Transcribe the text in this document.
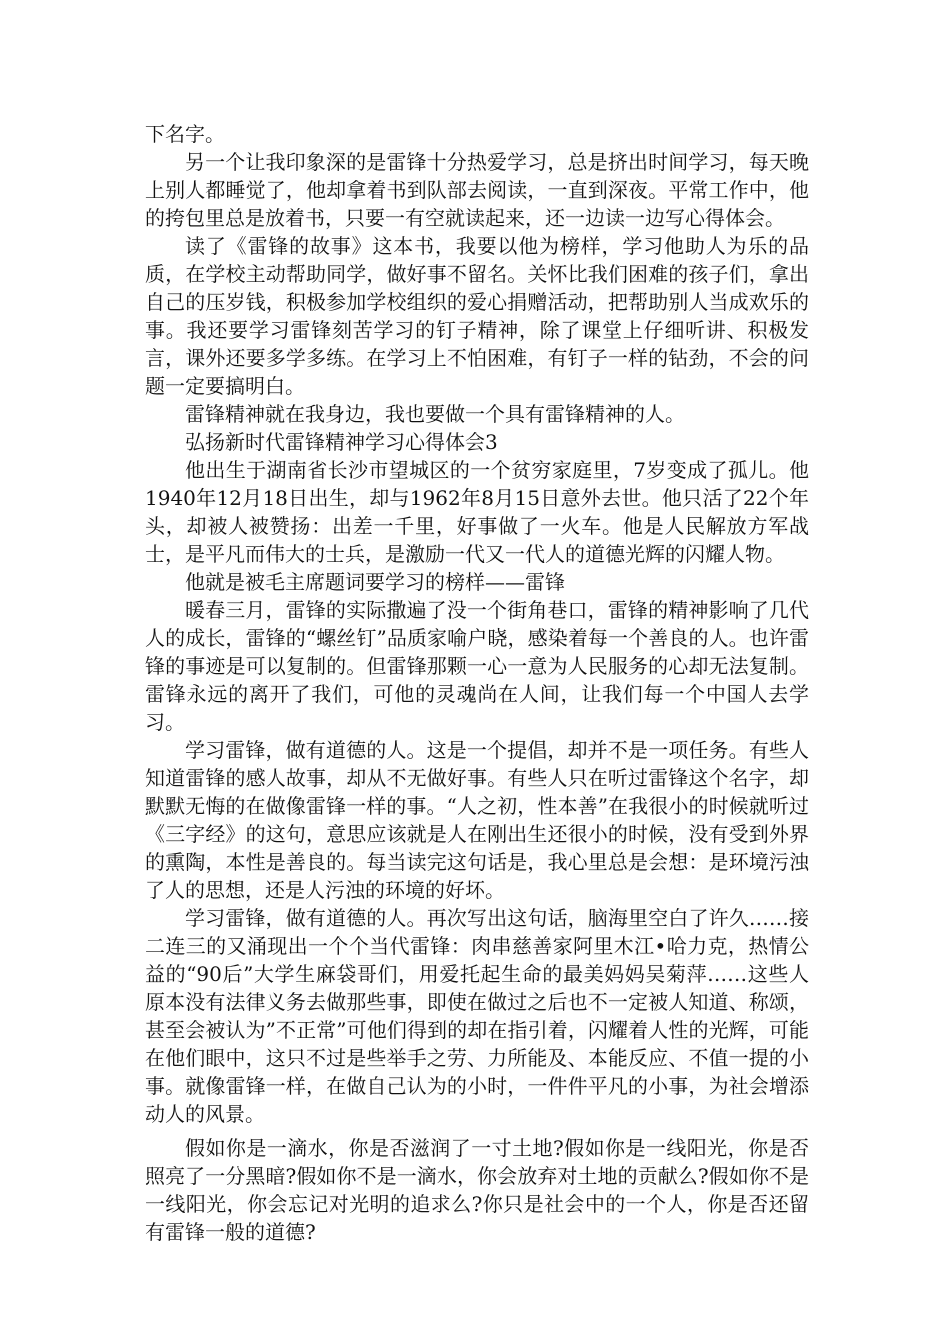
下名字。

另一个让我印象深的是雷锋十分热爱学习，总是挤出时间学习，每天晚上别人都睡觉了，他却拿着书到队部去阅读，一直到深夜。平常工作中，他的挎包里总是放着书，只要一有空就读起来，还一边读一边写心得体会。

读了《雷锋的故事》这本书，我要以他为榜样，学习他助人为乐的品质，在学校主动帮助同学，做好事不留名。关怀比我们困难的孩子们，拿出自己的压岁钱，积极参加学校组织的爱心捐赠活动，把帮助别人当成欢乐的事。我还要学习雷锋刻苦学习的钉子精神，除了课堂上仔细听讲、积极发言，课外还要多学多练。在学习上不怕困难，有钉子一样的钻劲，不会的问题一定要搞明白。

雷锋精神就在我身边，我也要做一个具有雷锋精神的人。

弘扬新时代雷锋精神学习心得体会3

他出生于湖南省长沙市望城区的一个贫穷家庭里，7岁变成了孤儿。他1940年12月18日出生，却与1962年8月15日意外去世。他只活了22个年头，却被人被赞扬：出差一千里，好事做了一火车。他是人民解放方军战士，是平凡而伟大的士兵，是激励一代又一代人的道德光辉的闪耀人物。

他就是被毛主席题词要学习的榜样——雷锋

暖春三月，雷锋的实际撒遍了没一个街角巷口，雷锋的精神影响了几代人的成长，雷锋的“螺丝钉”品质家喻户晓，感染着每一个善良的人。也许雷锋的事迹是可以复制的。但雷锋那颗一心一意为人民服务的心却无法复制。雷锋永远的离开了我们，可他的灵魂尚在人间，让我们每一个中国人去学习。

学习雷锋，做有道德的人。这是一个提倡，却并不是一项任务。有些人知道雷锋的感人故事，却从不无做好事。有些人只在听过雷锋这个名字，却默默无悔的在做像雷锋一样的事。“人之初，性本善”在我很小的时候就听过《三字经》的这句，意思应该就是人在刚出生还很小的时候，没有受到外界的熏陶，本性是善良的。每当读完这句话是，我心里总是会想：是环境污浊了人的思想，还是人污浊的环境的好坏。

学习雷锋，做有道德的人。再次写出这句话，脑海里空白了许久……接二连三的又涌现出一个个当代雷锋：肉串慈善家阿里木江•哈力克，热情公益的“90后”大学生麻袋哥们，用爱托起生命的最美妈妈吴菊萍……这些人原本没有法律义务去做那些事，即使在做过之后也不一定被人知道、称颂，甚至会被认为”不正常”可他们得到的却在指引着，闪耀着人性的光辉，可能在他们眼中，这只不过是些举手之劳、力所能及、本能反应、不值一提的小事。就像雷锋一样，在做自己认为的小时，一件件平凡的小事，为社会增添动人的风景。

假如你是一滴水，你是否滋润了一寸土地?假如你是一线阳光，你是否照亮了一分黑暗?假如你不是一滴水，你会放弃对土地的贡献么?假如你不是一线阳光，你会忘记对光明的追求么?你只是社会中的一个人，你是否还留有雷锋一般的道德?
